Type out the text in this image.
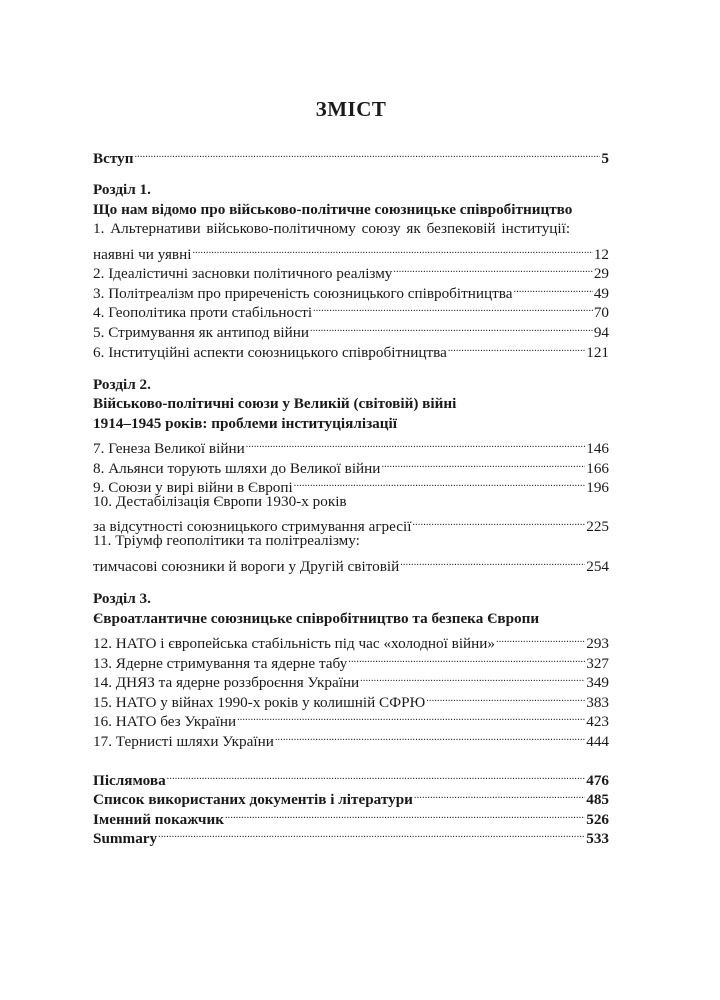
ЗМІСТ
Вступ .....	5
Розділ 1.
Що нам відомо про військово-політичне союзницьке співробітництво
1. Альтернативи військово-політичному союзу як безпековій інституції:
наявні чи уявні .....	12
2. Ідеалістичні засновки політичного реалізму .....	29
3. Політреалізм про приреченість союзницького співробітництва .....	49
4. Геополітика проти стабільності .....	70
5. Стримування як антипод війни .....	94
6. Інституційні аспекти союзницького співробітництва .....	121
Розділ 2.
Військово-політичні союзи у Великій (світовій) війні
1914–1945 років: проблеми інституціялізації
7. Генеза Великої війни .....	146
8. Альянси торують шляхи до Великої війни .....	166
9. Союзи у вирі війни в Європі .....	196
10. Дестабілізація Європи 1930-х років
за відсутності союзницького стримування агресії .....	225
11. Тріумф геополітики та політреалізму:
тимчасові союзники й вороги у Другій світовій .....	254
Розділ 3.
Євроатлантичне союзницьке співробітництво та безпека Європи
12. НАТО і європейська стабільність під час «холодної війни» .....	293
13. Ядерне стримування та ядерне табу .....	327
14. ДНЯЗ та ядерне роззброєння України .....	349
15. НАТО у війнах 1990-х років у колишній СФРЮ .....	383
16. НАТО без України .....	423
17. Тернисті шляхи України .....	444
Післямова .....	476
Список використаних документів і літератури .....	485
Іменний покажчик .....	526
Summary .....	533
